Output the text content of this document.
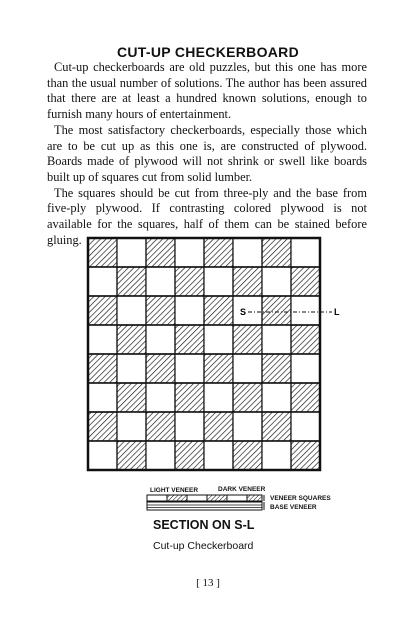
CUT-UP CHECKERBOARD

Cut-up checkerboards are old puzzles, but this one has more than the usual number of solutions. The author has been assured that there are at least a hundred known solutions, enough to furnish many hours of entertainment.

The most satisfactory checkerboards, especially those which are to be cut up as this one is, are constructed of plywood. Boards made of plywood will not shrink or swell like boards built up of squares cut from solid lumber.

The squares should be cut from three-ply and the base from five-ply plywood. If contrasting colored plywood is not available for the squares, half of them can be stained before gluing.

S	L
LIGHT VENEER	DARK VENEER
VENEER SQUARES
BASE VENEER
SECTION ON S-L
Cut-up Checkerboard
[ 13 ]
